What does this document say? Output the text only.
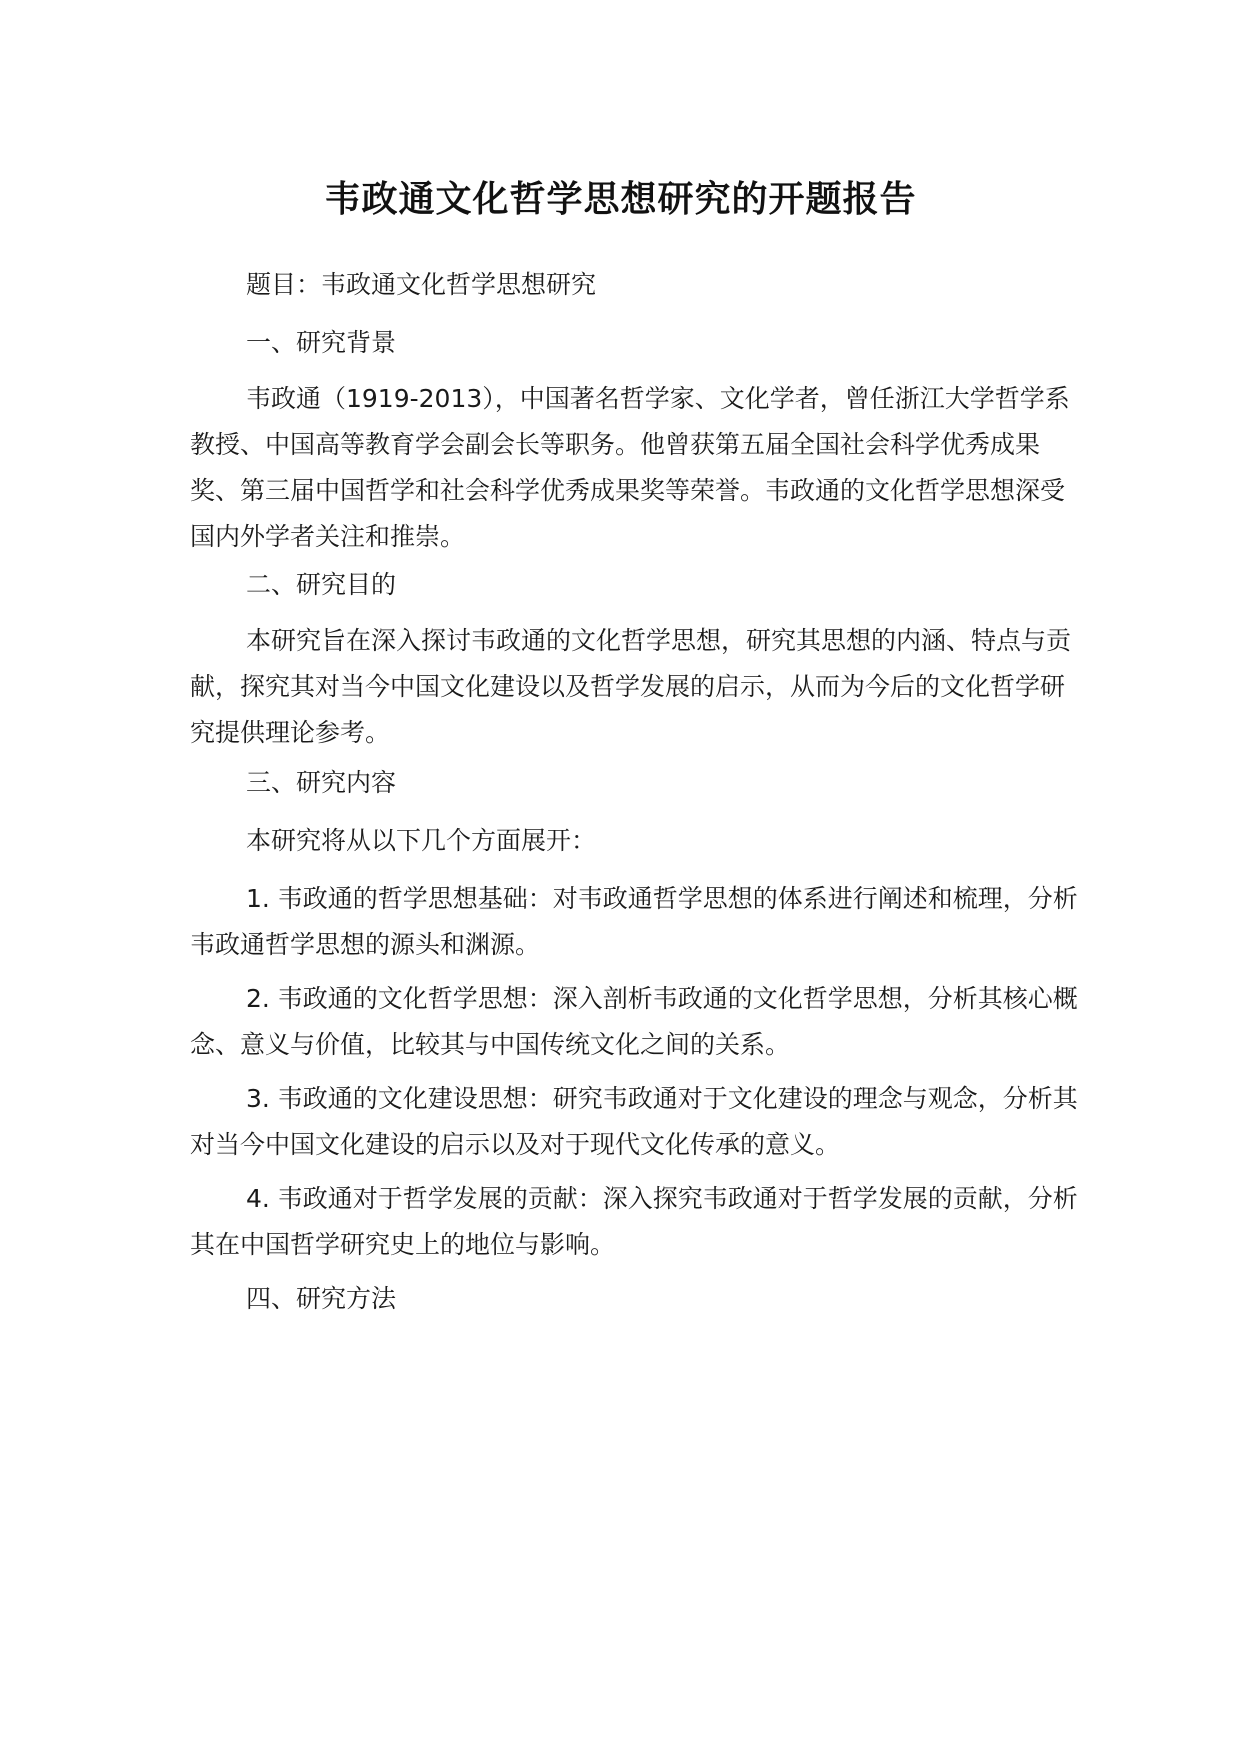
韦政通文化哲学思想研究的开题报告

题目：韦政通文化哲学思想研究

一、研究背景

韦政通（1919-2013），中国著名哲学家、文化学者，曾任浙江大学哲学系教授、中国高等教育学会副会长等职务。他曾获第五届全国社会科学优秀成果奖、第三届中国哲学和社会科学优秀成果奖等荣誉。韦政通的文化哲学思想深受国内外学者关注和推崇。

二、研究目的

本研究旨在深入探讨韦政通的文化哲学思想，研究其思想的内涵、特点与贡献，探究其对当今中国文化建设以及哲学发展的启示，从而为今后的文化哲学研究提供理论参考。

三、研究内容

本研究将从以下几个方面展开：

1. 韦政通的哲学思想基础：对韦政通哲学思想的体系进行阐述和梳理，分析韦政通哲学思想的源头和渊源。

2. 韦政通的文化哲学思想：深入剖析韦政通的文化哲学思想，分析其核心概念、意义与价值，比较其与中国传统文化之间的关系。

3. 韦政通的文化建设思想：研究韦政通对于文化建设的理念与观念，分析其对当今中国文化建设的启示以及对于现代文化传承的意义。

4. 韦政通对于哲学发展的贡献：深入探究韦政通对于哲学发展的贡献，分析其在中国哲学研究史上的地位与影响。

四、研究方法
